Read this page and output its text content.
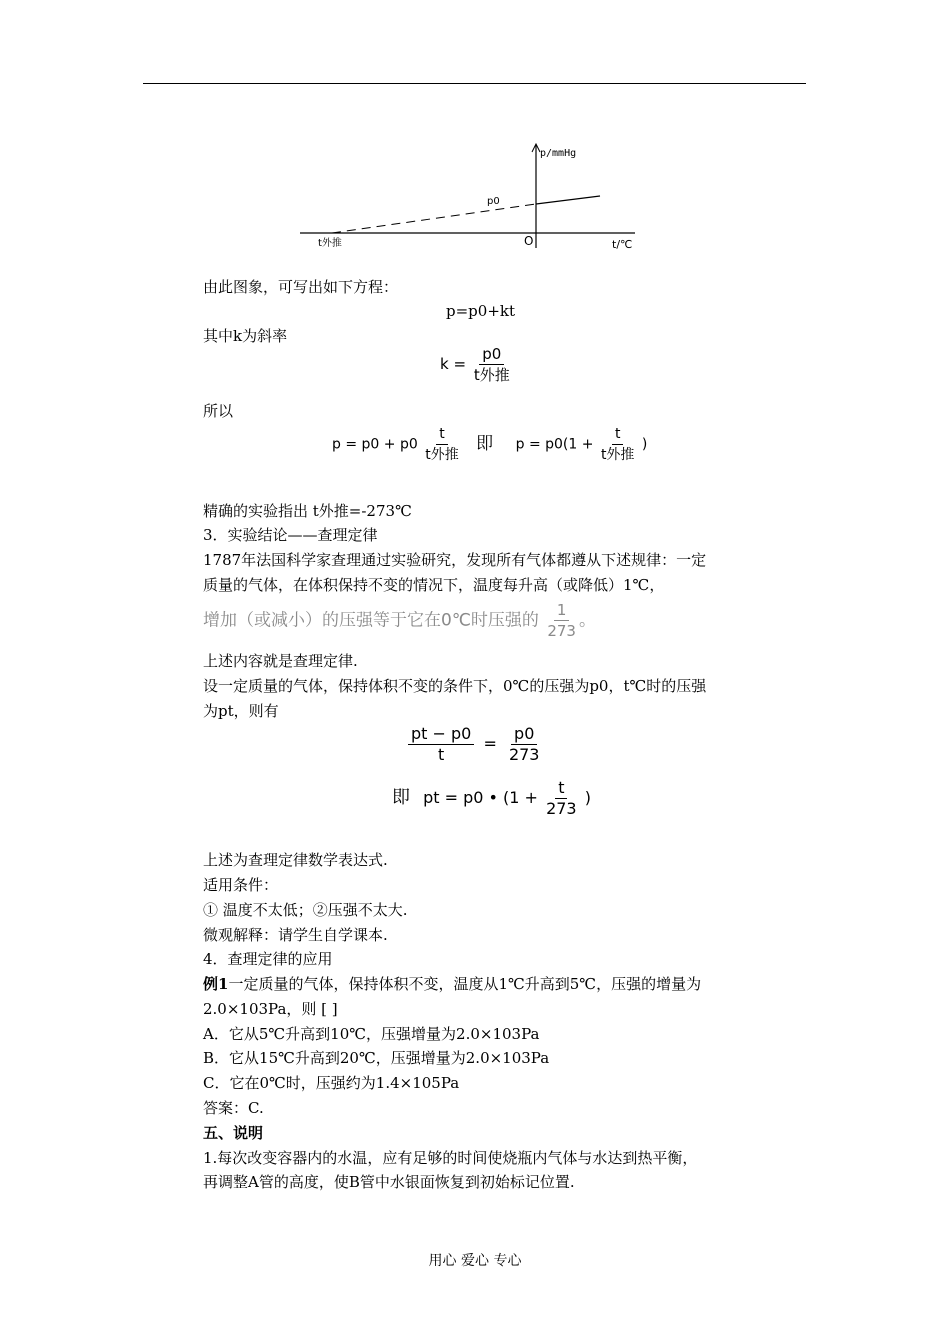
p/mmHg
p0
O	t/℃
t外推
由此图象，可写出如下方程：
p=p0+kt
其中k为斜率
$k = \frac{p0}{\text{t外推}}$
所以
$p = p0 + p0 \frac{t}{\text{t外推}}$ 即 $p = p0(1 + \frac{t}{\text{t外推}}$ )
精确的实验指出 t外推=-273℃
3．实验结论——查理定律
1787年法国科学家查理通过实验研究，发现所有气体都遵从下述规律：一定
质量的气体，在体积保持不变的情况下，温度每升高（或降低）1℃，
增加（或减小）的压强等于它在0℃时压强的 $\frac{1}{273}$ 。
上述内容就是查理定律.
设一定质量的气体，保持体积不变的条件下，0℃的压强为p0，t℃时的压强
为pt，则有
$\frac{pt - p0}{t} = \frac{p0}{273}$
即 pt = p0 • ($1 + \frac{t}{273}$ )
上述为查理定律数学表达式.
适用条件：
① 温度不太低；②压强不太大.
微观解释：请学生自学课本.
4．查理定律的应用
例1一定质量的气体，保持体积不变，温度从1℃升高到5℃，压强的增量为
2.0×103Pa，则 [ ]
A．它从5℃升高到10℃，压强增量为2.0×103Pa
B．它从15℃升高到20℃，压强增量为2.0×103Pa
C．它在0℃时，压强约为1.4×105Pa
答案：C.
五、说明
1.每次改变容器内的水温，应有足够的时间使烧瓶内气体与水达到热平衡，
再调整A管的高度，使B管中水银面恢复到初始标记位置.
用心 爱心 专心
